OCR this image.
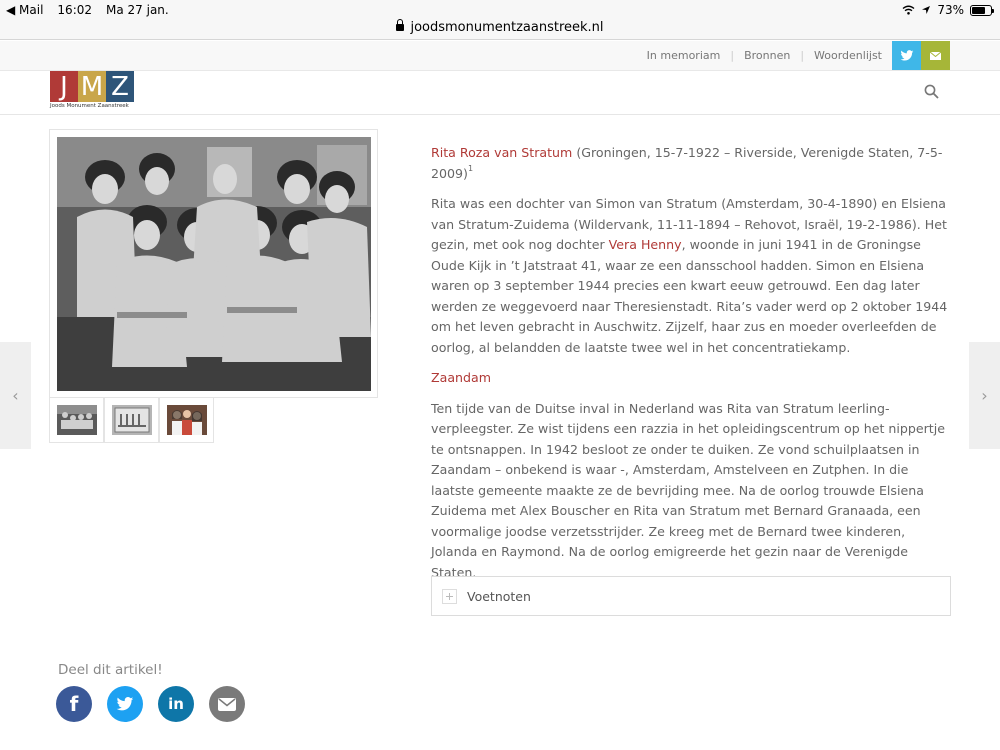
◀ Mail 16:02 Ma 27 jan.	73%
joodsmonumentzaanstreek.nl
In memoriam | Bronnen | Woordenlijst
J M Z
Joods Monument Zaanstreek
‹	›

Rita Roza van Stratum (Groningen, 15-7-1922 – Riverside, Verenigde Staten, 7-5-2009)$^1$

Rita was een dochter van Simon van Stratum (Amsterdam, 30-4-1890) en Elsiena van Stratum-Zuidema (Wildervank, 11-11-1894 – Rehovot, Israël, 19-2-1986). Het gezin, met ook nog dochter Vera Henny, woonde in juni 1941 in de Groningse Oude Kijk in ’t Jatstraat 41, waar ze een dansschool hadden. Simon en Elsiena waren op 3 september 1944 precies een kwart eeuw getrouwd. Een dag later werden ze weggevoerd naar Theresienstadt. Rita’s vader werd op 2 oktober 1944 om het leven gebracht in Auschwitz. Zijzelf, haar zus en moeder overleefden de oorlog, al belandden de laatste twee wel in het concentratiekamp.

Zaandam

Ten tijde van de Duitse inval in Nederland was Rita van Stratum leerling-verpleegster. Ze wist tijdens een razzia in het opleidingscentrum op het nippertje te ontsnappen. In 1942 besloot ze onder te duiken. Ze vond schuilplaatsen in Zaandam – onbekend is waar -, Amsterdam, Amstelveen en Zutphen. In die laatste gemeente maakte ze de bevrijding mee. Na de oorlog trouwde Elsiena Zuidema met Alex Bouscher en Rita van Stratum met Bernard Granaada, een voormalige joodse verzetsstrijder. Ze kreeg met de Bernard twee kinderen, Jolanda en Raymond. Na de oorlog emigreerde het gezin naar de Verenigde Staten.

Voetnoten
Deel dit artikel!
f	in
